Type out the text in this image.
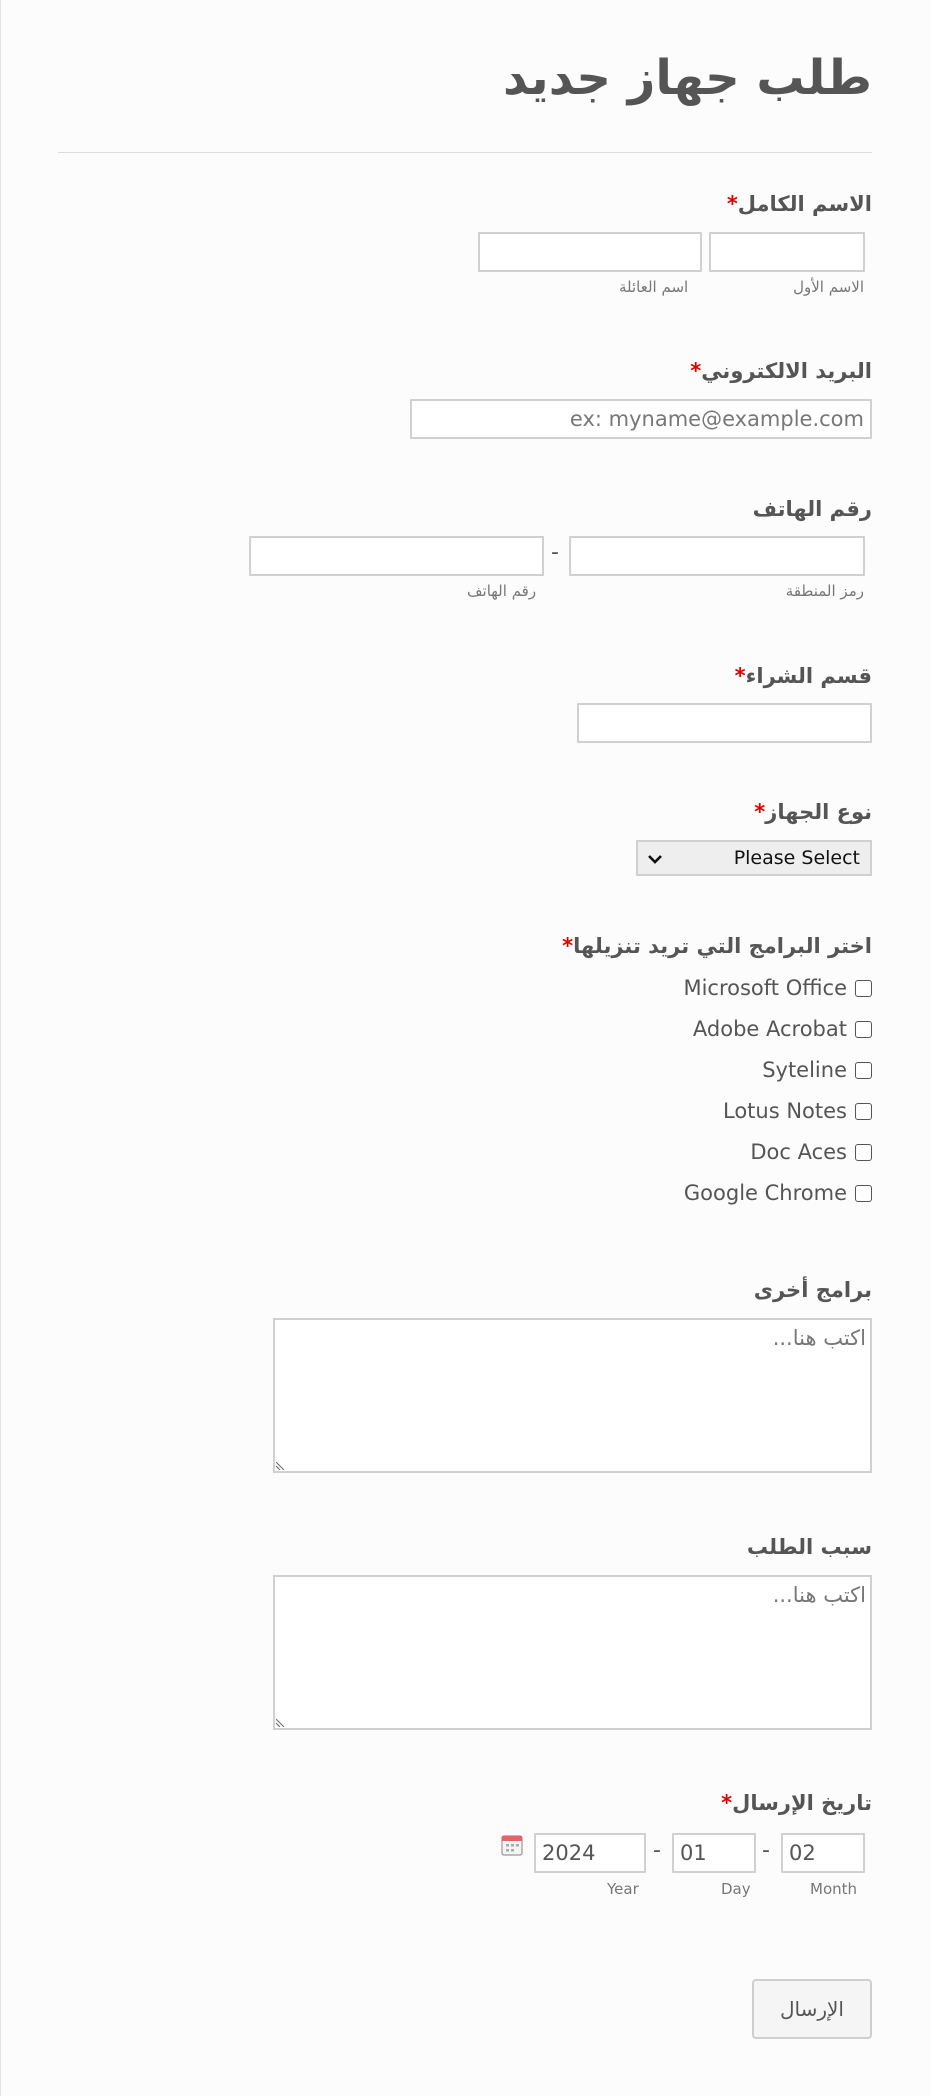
طلب جهاز جديد
الاسم الكامل*
الاسم الأول
اسم العائلة
البريد الالكتروني*
ex: myname@example.com
رقم الهاتف
-
رمز المنطقة
رقم الهاتف
قسم الشراء*
نوع الجهاز*
Please Select
اختر البرامج التي تريد تنزيلها*
Microsoft Office
Adobe Acrobat
Syteline
Lotus Notes
Doc Aces
Google Chrome
برامج أخرى
اكتب هنا...
سبب الطلب
اكتب هنا...
تاريخ الإرسال*
02
-
01
-
2024
Month
Day
Year
الإرسال
